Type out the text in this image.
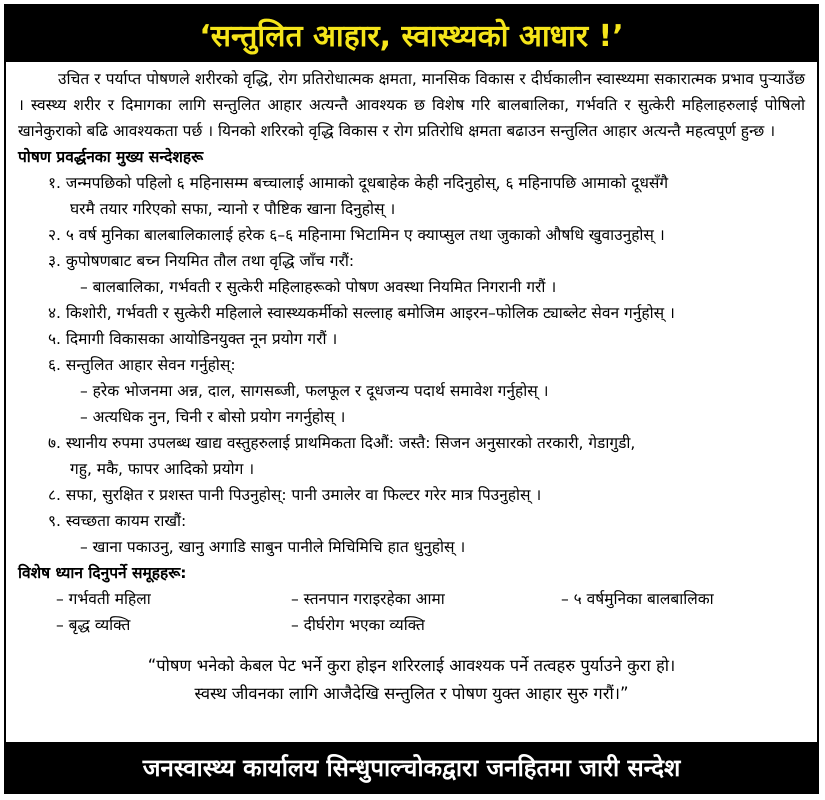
‘सन्तुलित आहार, स्वास्थ्यको आधार !’

उचित र पर्याप्त पोषणले शरीरको वृद्धि, रोग प्रतिरोधात्मक क्षमता, मानसिक विकास र दीर्घकालीन स्वास्थ्यमा सकारात्मक प्रभाव पुऱ्याउँछ । स्वस्थ्य शरीर र दिमागका लागि सन्तुलित आहार अत्यन्तै आवश्यक छ विशेष गरि बालबालिका, गर्भवति र सुत्केरी महिलाहरुलाई पोषिलो खानेकुराको बढि आवश्यकता पर्छ । यिनको शरिरको वृद्धि विकास र रोग प्रतिरोधि क्षमता बढाउन सन्तुलित आहार अत्यन्तै महत्वपूर्ण हुन्छ ।

पोषण प्रवर्द्धनका मुख्य सन्देशहरू

१. जन्मपछिको पहिलो ६ महिनासम्म बच्चालाई आमाको दूधबाहेक केही नदिनुहोस्, ६ महिनापछि आमाको दूधसँगै
घरमै तयार गरिएको सफा, न्यानो र पौष्टिक खाना दिनुहोस् ।

२. ५ वर्ष मुनिका बालबालिकालाई हरेक ६–६ महिनामा भिटामिन ए क्याप्सुल तथा जुकाको औषधि खुवाउनुहोस् ।

३. कुपोषणबाट बच्न नियमित तौल तथा वृद्धि जाँच गरौं:

– बालबालिका, गर्भवती र सुत्केरी महिलाहरूको पोषण अवस्था नियमित निगरानी गरौं ।

४. किशोरी, गर्भवती र सुत्केरी महिलाले स्वास्थ्यकर्मीको सल्लाह बमोजिम आइरन–फोलिक ट्याब्लेट सेवन गर्नुहोस् ।

५. दिमागी विकासका आयोडिनयुक्त नून प्रयोग गरौं ।

६. सन्तुलित आहार सेवन गर्नुहोस्:

– हरेक भोजनमा अन्न, दाल, सागसब्जी, फलफूल र दूधजन्य पदार्थ समावेश गर्नुहोस् ।

– अत्यधिक नुन, चिनी र बोसो प्रयोग नगर्नुहोस् ।

७. स्थानीय रुपमा उपलब्ध खाद्य वस्तुहरुलाई प्राथमिकता दिऔं: जस्तै: सिजन अनुसारको तरकारी, गेडागुडी,
गहु, मकै, फापर आदिको प्रयोग ।

८. सफा, सुरक्षित र प्रशस्त पानी पिउनुहोस्: पानी उमालेर वा फिल्टर गरेर मात्र पिउनुहोस् ।

९. स्वच्छता कायम राखौं:

– खाना पकाउनु, खानु अगाडि साबुन पानीले मिचिमिचि हात धुनुहोस् ।

विशेष ध्यान दिनुपर्ने समूहहरू:

– गर्भवती महिला	– स्तनपान गराइरहेका आमा	– ५ वर्षमुनिका बालबालिका
– बृद्ध व्यक्ति	– दीर्घरोग भएका व्यक्ति
“पोषण भनेको केबल पेट भर्ने कुरा होइन शरिरलाई आवश्यक पर्ने तत्वहरु पुर्याउने कुरा हो।
स्वस्थ जीवनका लागि आजैदेखि सन्तुलित र पोषण युक्त आहार सुरु गरौं।”
जनस्वास्थ्य कार्यालय सिन्धुपाल्चोकद्वारा जनहितमा जारी सन्देश
